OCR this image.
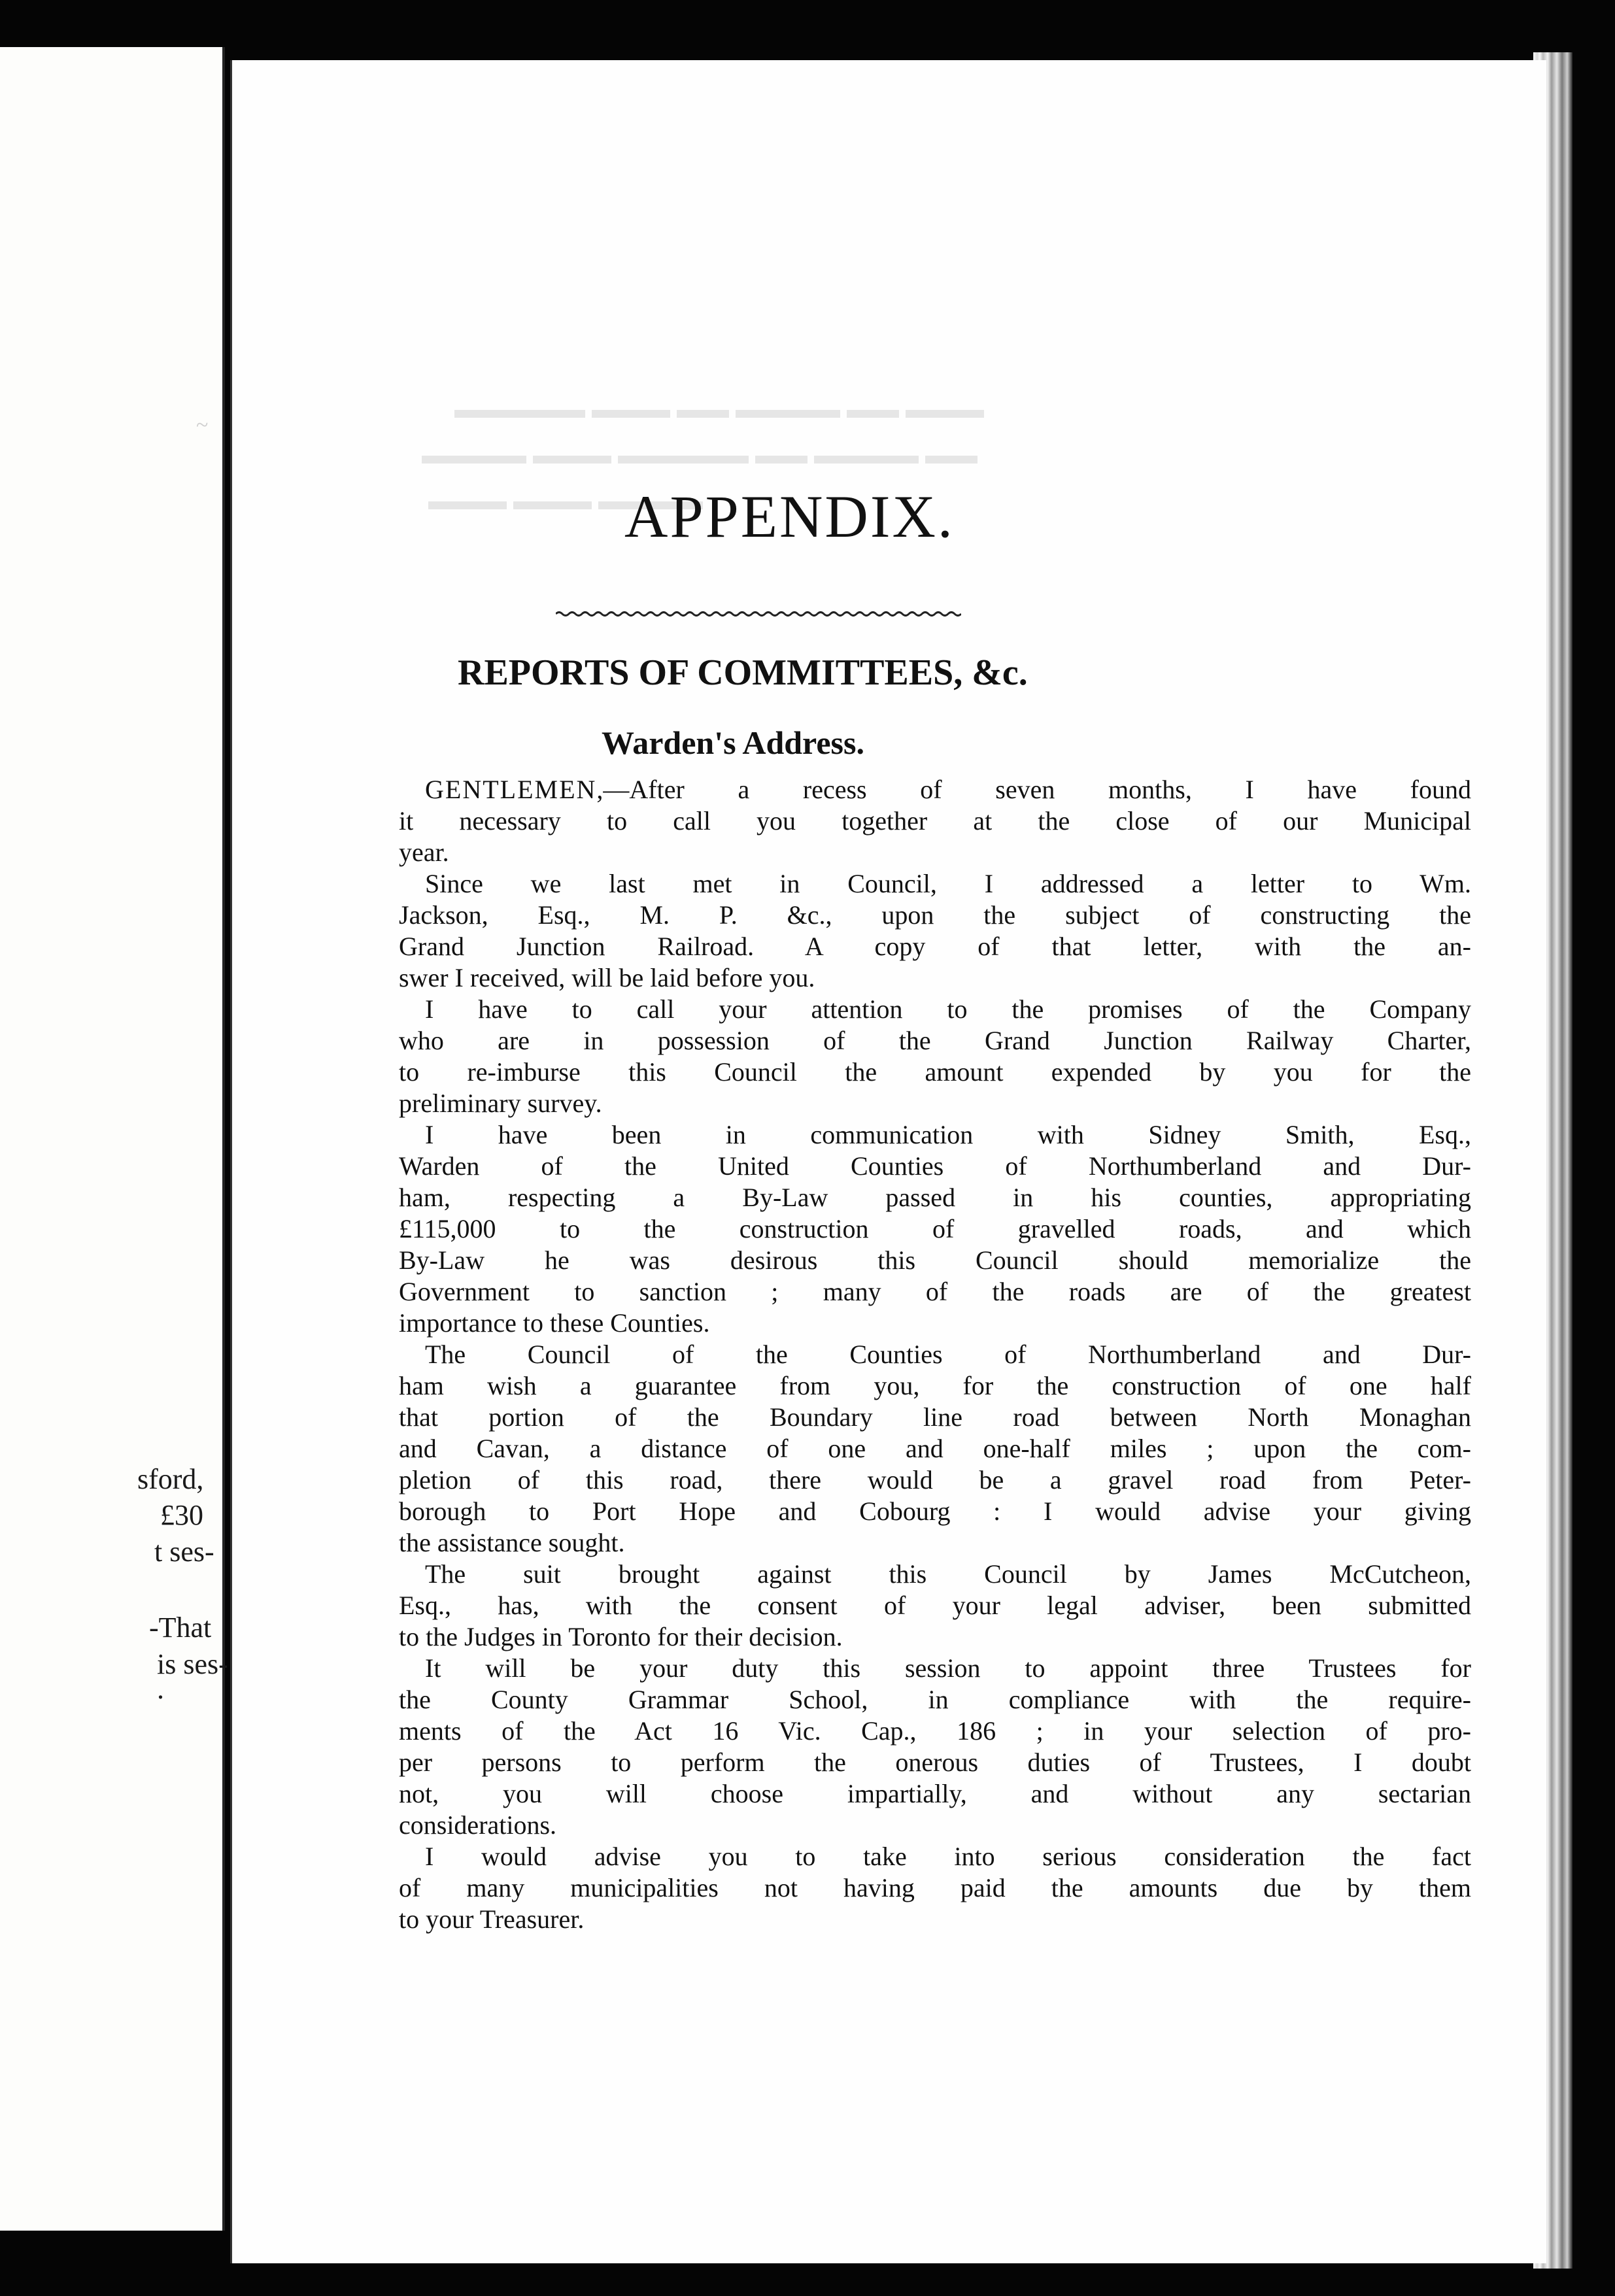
~
sford,
£30
t ses-
-That
is ses-
.
▬▬▬ ▬▬ ▬▬▬▬ ▬▬ ▬▬▬ ▬▬▬▬▬
▬▬ ▬▬▬▬ ▬▬ ▬▬▬▬▬ ▬▬▬ ▬▬▬▬
▬▬▬▬ ▬▬▬ ▬▬▬
APPENDIX.
REPORTS OF COMMITTEES, &c.
Warden's Address.
GENTLEMEN,—After a recess of seven months, I have found
it necessary to call you together at the close of our Municipal
year.
Since we last met in Council, I addressed a letter to Wm.
Jackson, Esq., M. P. &c., upon the subject of constructing the
Grand Junction Railroad. A copy of that letter, with the an-
swer I received, will be laid before you.
I have to call your attention to the promises of the Company
who are in possession of the Grand Junction Railway Charter,
to re-imburse this Council the amount expended by you for the
preliminary survey.
I have been in communication with Sidney Smith, Esq.,
Warden of the United Counties of Northumberland and Dur-
ham, respecting a By-Law passed in his counties, appropriating
£115,000 to the construction of gravelled roads, and which
By-Law he was desirous this Council should memorialize the
Government to sanction ; many of the roads are of the greatest
importance to these Counties.
The Council of the Counties of Northumberland and Dur-
ham wish a guarantee from you, for the construction of one half
that portion of the Boundary line road between North Monaghan
and Cavan, a distance of one and one-half miles ; upon the com-
pletion of this road, there would be a gravel road from Peter-
borough to Port Hope and Cobourg : I would advise your giving
the assistance sought.
The suit brought against this Council by James McCutcheon,
Esq., has, with the consent of your legal adviser, been submitted
to the Judges in Toronto for their decision.
It will be your duty this session to appoint three Trustees for
the County Grammar School, in compliance with the require-
ments of the Act 16 Vic. Cap., 186 ; in your selection of pro-
per persons to perform the onerous duties of Trustees, I doubt
not, you will choose impartially, and without any sectarian
considerations.
I would advise you to take into serious consideration the fact
of many municipalities not having paid the amounts due by them
to your Treasurer.
